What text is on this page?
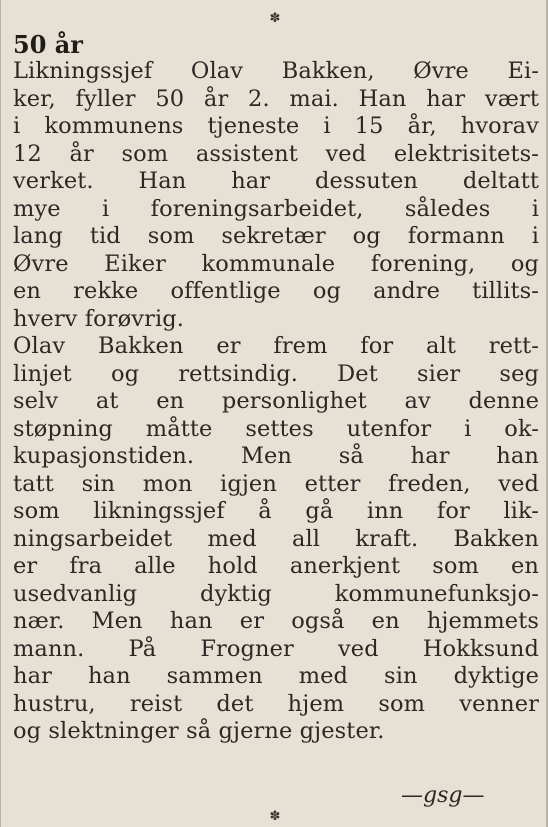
✽
50 år
Likningssjef Olav Bakken, Øvre Ei-
ker, fyller 50 år 2. mai. Han har vært
i kommunens tjeneste i 15 år, hvorav
12 år som assistent ved elektrisitets-
verket. Han har dessuten deltatt
mye i foreningsarbeidet, således i
lang tid som sekretær og formann i
Øvre Eiker kommunale forening, og
en rekke offentlige og andre tillits-
hverv forøvrig.
Olav Bakken er frem for alt rett-
linjet og rettsindig. Det sier seg
selv at en personlighet av denne
støpning måtte settes utenfor i ok-
kupasjonstiden. Men så har han
tatt sin mon igjen etter freden, ved
som likningssjef å gå inn for lik-
ningsarbeidet med all kraft. Bakken
er fra alle hold anerkjent som en
usedvanlig dyktig kommunefunksjo-
nær. Men han er også en hjemmets
mann. På Frogner ved Hokksund
har han sammen med sin dyktige
hustru, reist det hjem som venner
og slektninger så gjerne gjester.
—gsg—
✽
